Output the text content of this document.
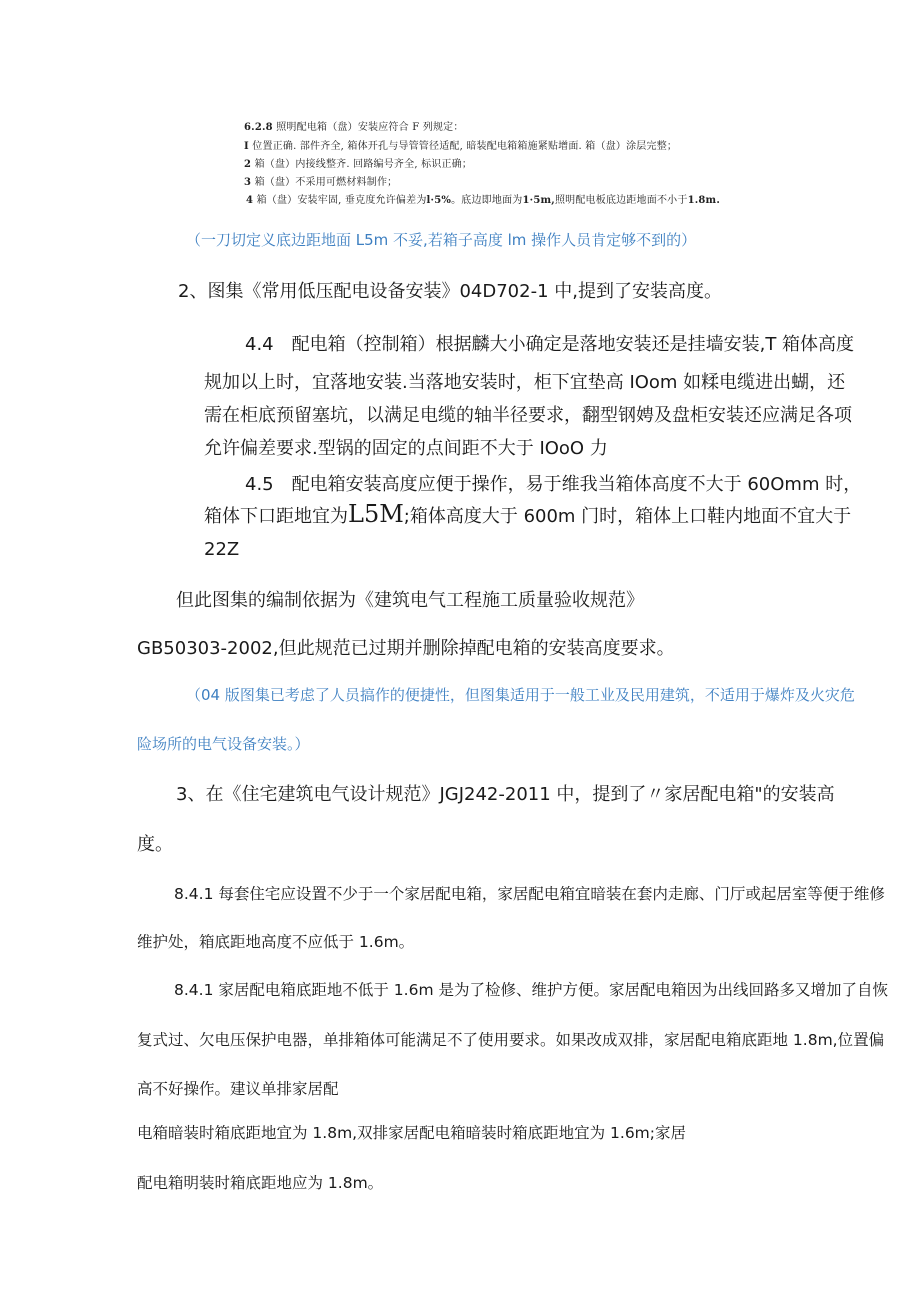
6.2.8 照明配电箱（盘）安装应符合 F 列规定：
I 位置正确. 部件齐全, 箱体开孔与导管管径适配, 暗装配电箱箱施紧贴增面. 箱（盘）涂层完整；
2 箱（盘）内接线整齐. 回路编号齐全, 标识正确；
3 箱（盘）不采用可燃材料制作；
4 箱（盘）安装牢固, 垂克度允许偏差为l·5%。底边即地面为1·5m,照明配电板底边距地面不小于1.8m.
（一刀切定义底边距地面 L5m 不妥,若箱子高度 lm 操作人员肯定够不到的）
2、图集《常用低压配电设备安装》04D702-1 中,提到了安装高度。
4.4　配电箱（控制箱）根据麟大小确定是落地安装还是挂墙安装,T 箱体高度
规加以上时，宜落地安装.当落地安装时，柜下宜垫高 IOom 如糅电缆进出蝴，还
需在柜底预留塞坑，以满足电缆的轴半径要求，翻型钢娉及盘柜安装还应满足各项
允许偏差要求.型锅的固定的点间距不大于 IOoO 力
4.5　配电箱安装高度应便于操作，易于维我当箱体高度不大于 60Omm 时，
箱体下口距地宜为L5M;箱体高度大于 600m 门时，箱体上口鞋内地面不宜大于
22Z
但此图集的编制依据为《建筑电气工程施工质量验收规范》
GB50303-2002,但此规范已过期并删除掉配电箱的安装高度要求。
（04 版图集已考虑了人员搞作的便捷性，但图集适用于一般工业及民用建筑，不适用于爆炸及火灾危
险场所的电气设备安装。）
3、在《住宅建筑电气设计规范》JGJ242-2011 中，提到了〃家居配电箱"的安装高
度。
8.4.1 每套住宅应设置不少于一个家居配电箱，家居配电箱宜暗装在套内走廊、门厅或起居室等便于维修
维护处，箱底距地高度不应低于 1.6m。
8.4.1 家居配电箱底距地不低于 1.6m 是为了检修、维护方便。家居配电箱因为出线回路多又增加了自恢
复式过、欠电压保护电器，单排箱体可能满足不了使用要求。如果改成双排，家居配电箱底距地 1.8m,位置偏
高不好操作。建议单排家居配
电箱暗装时箱底距地宜为 1.8m,双排家居配电箱暗装时箱底距地宜为 1.6m;家居
配电箱明装时箱底距地应为 1.8m。
